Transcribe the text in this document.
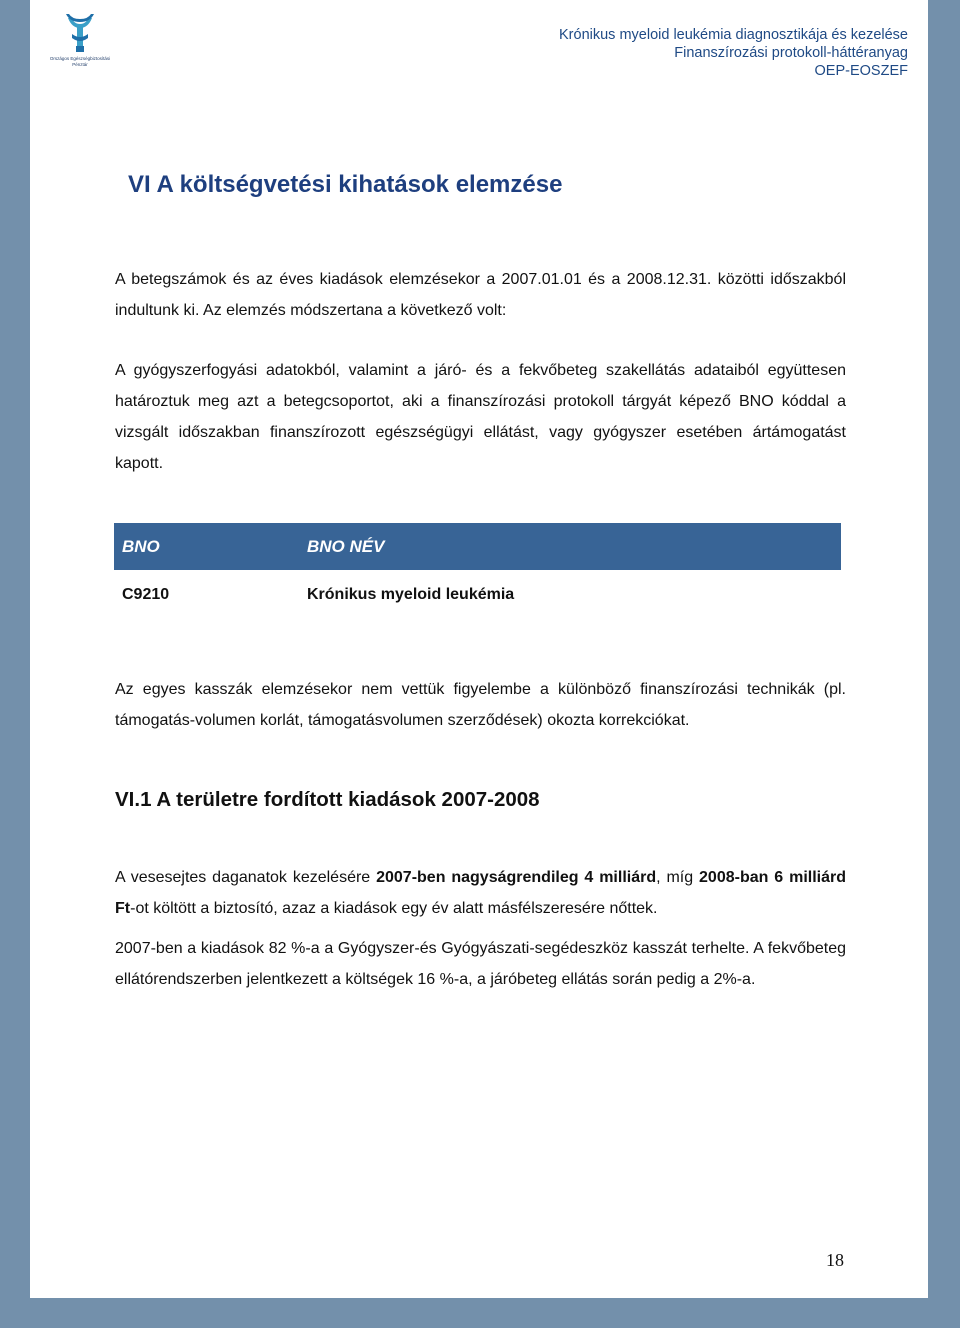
Országos Egészségbiztosítási
Pénztár
Krónikus myeloid leukémia diagnosztikája és kezelése
Finanszírozási protokoll-háttéranyag
OEP-EOSZEF
VI A költségvetési kihatások elemzése

A betegszámok és az éves kiadások elemzésekor a 2007.01.01 és a 2008.12.31. közötti időszakból indultunk ki. Az elemzés módszertana a következő volt:

A gyógyszerfogyási adatokból, valamint a járó- és a fekvőbeteg szakellátás adataiból együttesen határoztuk meg azt a betegcsoportot, aki a finanszírozási protokoll tárgyát képező BNO kóddal a vizsgált időszakban finanszírozott egészségügyi ellátást, vagy gyógyszer esetében ártámogatást kapott.

BNO	BNO NÉV
C9210	Krónikus myeloid leukémia

Az egyes kasszák elemzésekor nem vettük figyelembe a különböző finanszírozási technikák (pl. támogatás-volumen korlát, támogatásvolumen szerződések) okozta korrekciókat.

VI.1 A területre fordított kiadások 2007-2008

A vesesejtes daganatok kezelésére 2007-ben nagyságrendileg 4 milliárd, míg 2008-ban 6 milliárd Ft-ot költött a biztosító, azaz a kiadások egy év alatt másfélszeresére nőttek.

2007-ben a kiadások 82 %-a a Gyógyszer-és Gyógyászati-segédeszköz kasszát terhelte. A fekvőbeteg ellátórendszerben jelentkezett a költségek 16 %-a, a járóbeteg ellátás során pedig a 2%-a.

18
